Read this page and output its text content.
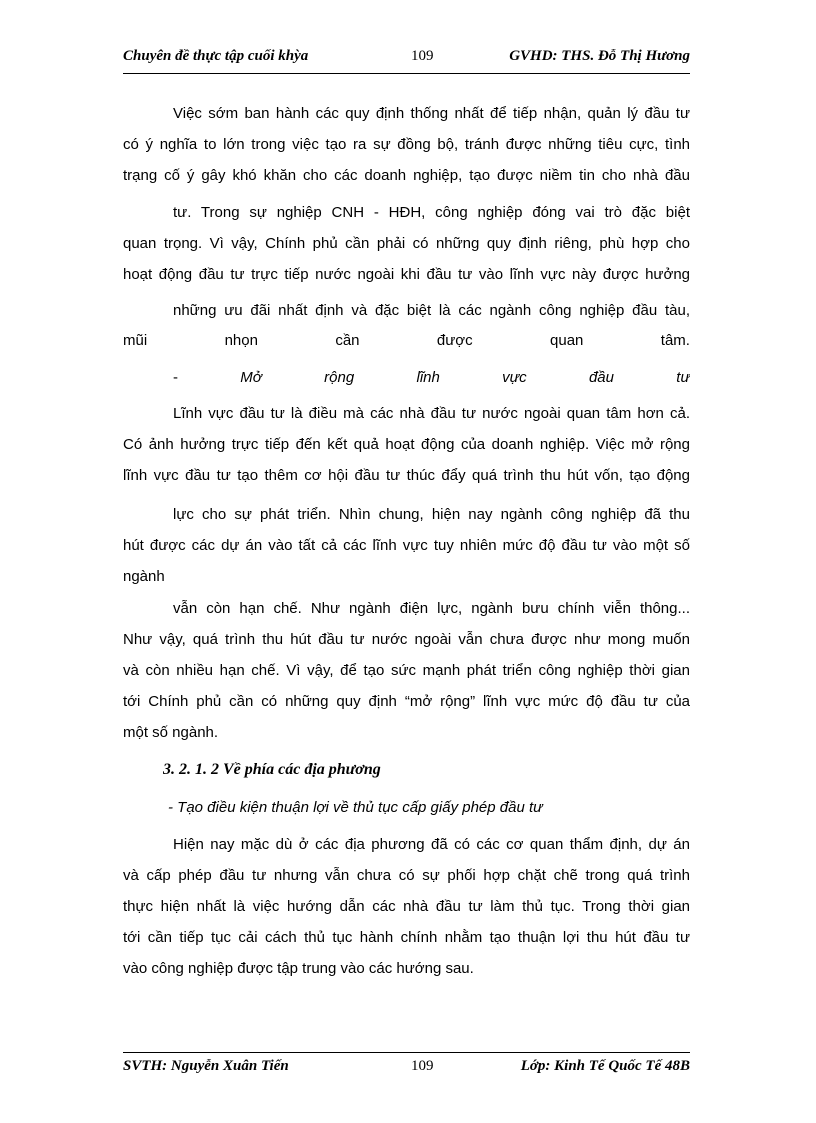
Chuyên đề thực tập cuối khỳa	109	GVHD: THS. Đỗ Thị Hương
Việc sớm ban hành các quy định thống nhất để tiếp nhận, quản lý đầu tư
có ý nghĩa to lớn trong việc tạo ra sự đồng bộ, tránh được những tiêu cực, tình
trạng cố ý gây khó khăn cho các doanh nghiệp, tạo được niềm tin cho nhà đầu
tư. Trong sự nghiệp CNH - HĐH, công nghiệp đóng vai trò đặc biệt
quan trọng. Vì vậy, Chính phủ cần phải có những quy định riêng, phù hợp cho
hoạt động đầu tư trực tiếp nước ngoài khi đầu tư vào lĩnh vực này được hưởng
những ưu đãi nhất định và đặc biệt là các ngành công nghiệp đầu tàu,
mũi	nhọn	cần	được	quan	tâm.
-	Mở	rộng	lĩnh	vực	đầu	tư
Lĩnh vực đầu tư là điều mà các nhà đầu tư nước ngoài quan tâm hơn cả.
Có ảnh hưởng trực tiếp đến kết quả hoạt động của doanh nghiệp. Việc mở rộng
lĩnh vực đầu tư tạo thêm cơ hội đầu tư thúc đẩy quá trình thu hút vốn, tạo động
lực cho sự phát triển. Nhìn chung, hiện nay ngành công nghiệp đã thu
hút được các dự án vào tất cả các lĩnh vực tuy nhiên mức độ đầu tư vào một số
ngành
vẫn còn hạn chế. Như ngành điện lực, ngành bưu chính viễn thông...
Như vậy, quá trình thu hút đầu tư nước ngoài vẫn chưa được như mong muốn
và còn nhiều hạn chế. Vì vậy, để tạo sức mạnh phát triển công nghiệp thời gian
tới Chính phủ cần có những quy định “mở rộng” lĩnh vực mức độ đầu tư của
một số ngành.
3. 2. 1. 2 Về phía các địa phương
- Tạo điều kiện thuận lợi về thủ tục cấp giấy phép đầu tư
Hiện nay mặc dù ở các địa phương đã có các cơ quan thẩm định, dự án
và cấp phép đầu tư nhưng vẫn chưa có sự phối hợp chặt chẽ trong quá trình
thực hiện nhất là việc hướng dẫn các nhà đầu tư làm thủ tục. Trong thời gian
tới cần tiếp tục cải cách thủ tục hành chính nhằm tạo thuận lợi thu hút đầu tư
vào công nghiệp được tập trung vào các hướng sau.
SVTH: Nguyễn Xuân Tiến	109	Lớp: Kinh Tế Quốc Tế 48B
